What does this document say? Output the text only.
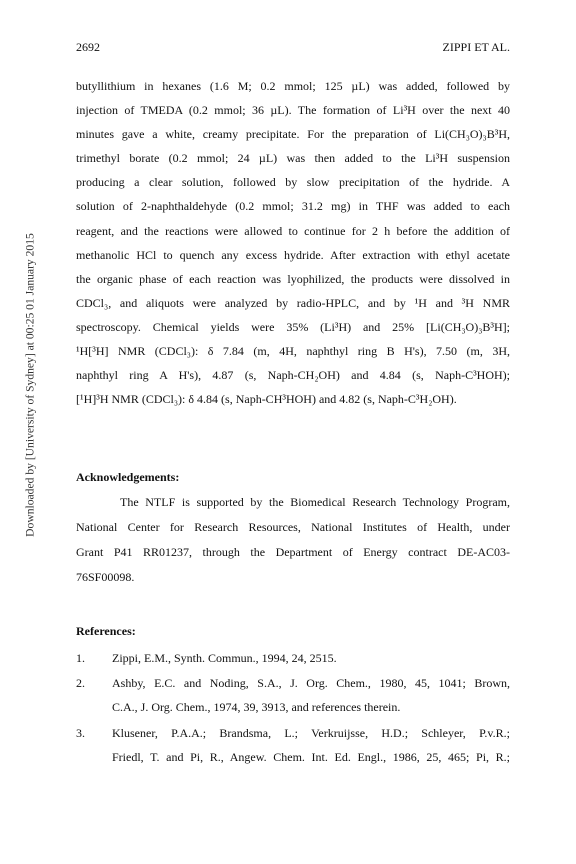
Downloaded by [University of Sydney] at 00:25 01 January 2015
2692	ZIPPI ET AL.

butyllithium in hexanes (1.6 M; 0.2 mmol; 125 µL) was added, followed by

injection of TMEDA (0.2 mmol; 36 µL). The formation of Li³H over the next 40

minutes gave a white, creamy precipitate. For the preparation of Li(CH₃O)₃B³H,

trimethyl borate (0.2 mmol; 24 µL) was then added to the Li³H suspension

producing a clear solution, followed by slow precipitation of the hydride. A

solution of 2-naphthaldehyde (0.2 mmol; 31.2 mg) in THF was added to each

reagent, and the reactions were allowed to continue for 2 h before the addition of

methanolic HCl to quench any excess hydride. After extraction with ethyl acetate

the organic phase of each reaction was lyophilized, the products were dissolved in

CDCl₃, and aliquots were analyzed by radio-HPLC, and by ¹H and ³H NMR

spectroscopy. Chemical yields were 35% (Li³H) and 25% [Li(CH₃O)₃B³H];

¹H[³H] NMR (CDCl₃): δ 7.84 (m, 4H, naphthyl ring B H's), 7.50 (m, 3H,

naphthyl ring A H's), 4.87 (s, Naph-CH₂OH) and 4.84 (s, Naph-C³HOH);

[¹H]³H NMR (CDCl₃): δ 4.84 (s, Naph-CH³HOH) and 4.82 (s, Naph-C³H₂OH).

Acknowledgements:

The NTLF is supported by the Biomedical Research Technology Program,

National Center for Research Resources, National Institutes of Health, under

Grant P41 RR01237, through the Department of Energy contract DE-AC03-

76SF00098.

References:
1. Zippi, E.M., Synth. Commun., 1994, 24, 2515.

2. Ashby, E.C. and Noding, S.A., J. Org. Chem., 1980, 45, 1041; Brown,

C.A., J. Org. Chem., 1974, 39, 3913, and references therein.

3. Klusener, P.A.A.; Brandsma, L.; Verkruijsse, H.D.; Schleyer, P.v.R.;

Friedl, T. and Pi, R., Angew. Chem. Int. Ed. Engl., 1986, 25, 465; Pi, R.;
